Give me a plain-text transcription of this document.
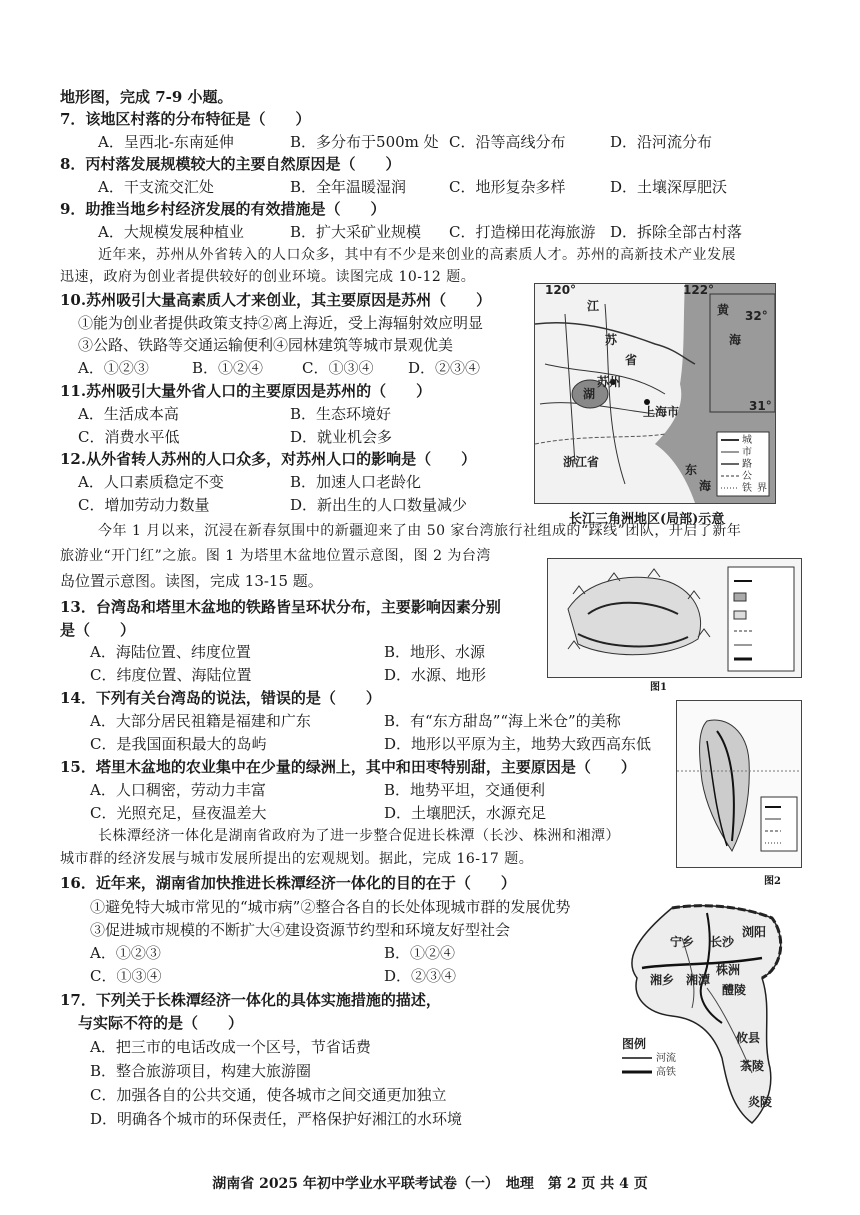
地形图，完成 7-9 小题。
7．该地区村落的分布特征是（　　）
A．呈西北-东南延伸	B．多分布于500m 处 C．沿等高线分布	D．沿河流分布
8．丙村落发展规模较大的主要自然原因是（　　）
A．干支流交汇处	B．全年温暖湿润	C．地形复杂多样	D．土壤深厚肥沃
9．助推当地乡村经济发展的有效措施是（　　）
A．大规模发展种植业	B．扩大采矿业规模 C．打造梯田花海旅游 D．拆除全部古村落
近年来，苏州从外省转入的人口众多，其中有不少是来创业的高素质人才。苏州的高新技术产业发展
迅速，政府为创业者提供较好的创业环境。读图完成 10-12 题。
10.苏州吸引大量高素质人才来创业，其主要原因是苏州（　　）
①能为创业者提供政策支持②离上海近，受上海辐射效应明显
③公路、铁路等交通运输便利④园林建筑等城市景观优美
A．①②③	B．①②④	C．①③④ D．②③④
11.苏州吸引大量外省人口的主要原因是苏州的（　　）
A．生活成本高	B．生态环境好
C．消费水平低	D．就业机会多
12.从外省转人苏州的人口众多，对苏州人口的影响是（　　）
A．人口素质稳定不变	B．加速人口老龄化
C．增加劳动力数量	D．新出生的人口数量减少
城
市
路
公
铁 界
120°	122°
32°
31°
江
苏
省
苏州
上海市
浙江省
黄
海
东
海
湖
长江三角洲地区(局部)示意
今年 1 月以来，沉浸在新春氛围中的新疆迎来了由 50 家台湾旅行社组成的“踩线”团队，开启了新年
旅游业“开门红”之旅。图 1 为塔里木盆地位置示意图，图 2 为台湾
岛位置示意图。读图，完成 13-15 题。
图1
13．台湾岛和塔里木盆地的铁路皆呈环状分布，主要影响因素分别
是（　　）
A．海陆位置、纬度位置	B．地形、水源
C．纬度位置、海陆位置	D．水源、地形
14．下列有关台湾岛的说法，错误的是（　　）
A．大部分居民祖籍是福建和广东	B．有“东方甜岛”“海上米仓”的美称
C．是我国面积最大的岛屿	D．地形以平原为主，地势大致西高东低
15．塔里木盆地的农业集中在少量的绿洲上，其中和田枣特别甜，主要原因是（　　）
A．人口稠密，劳动力丰富	B．地势平坦，交通便利
C．光照充足，昼夜温差大	D．土壤肥沃，水源充足
图2
长株潭经济一体化是湖南省政府为了进一步整合促进长株潭（长沙、株洲和湘潭）
城市群的经济发展与城市发展所提出的宏观规划。据此，完成 16-17 题。
16．近年来，湖南省加快推进长株潭经济一体化的目的在于（　　）
①避免特大城市常见的“城市病”②整合各自的长处体现城市群的发展优势
③促进城市规模的不断扩大④建设资源节约型和环境友好型社会
A．①②③	B．①②④
C．①③④	D．②③④
17．下列关于长株潭经济一体化的具体实施措施的描述，
与实际不符的是（　　）
A．把三市的电话改成一个区号，节省话费
B．整合旅游项目，构建大旅游圈
C．加强各自的公共交通，使各城市之间交通更加独立
D．明确各个城市的环保责任，严格保护好湘江的水环境
图例
河流
高铁
长沙
浏阳
宁乡
湘潭
株洲
湘乡
醴陵
攸县
茶陵
炎陵
湖南省 2025 年初中学业水平联考试卷（一）　地理　第 2 页 共 4 页
